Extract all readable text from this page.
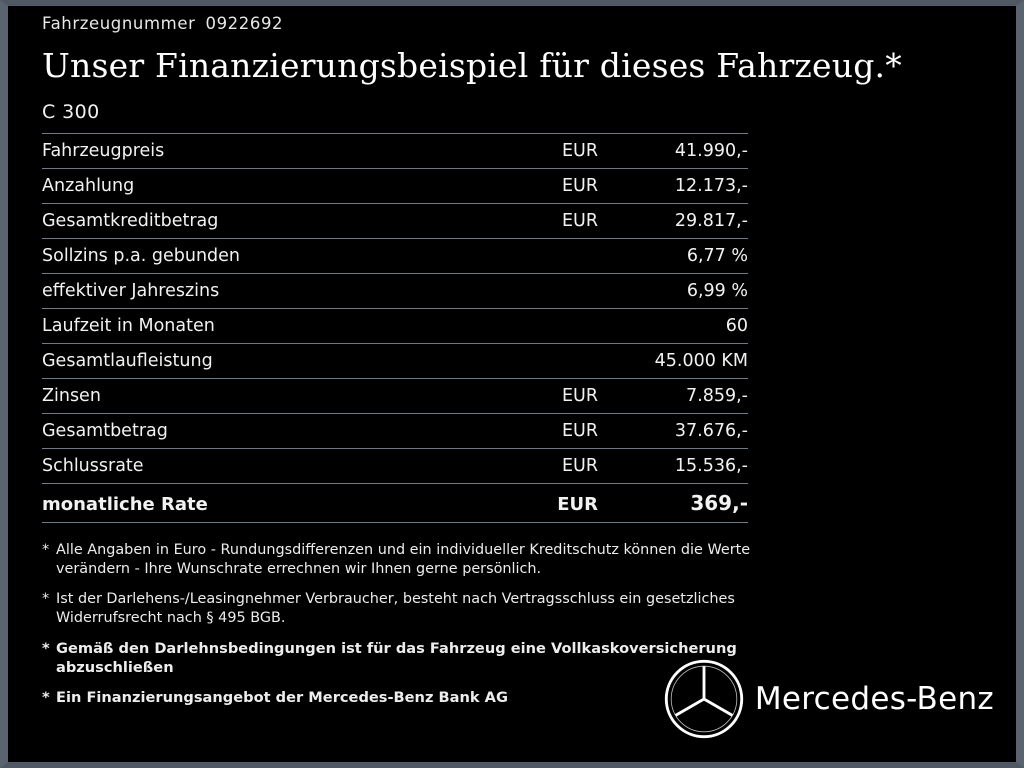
Fahrzeugnummer 0922692
Unser Finanzierungsbeispiel für dieses Fahrzeug.*
C 300
Fahrzeugpreis	EUR	41.990,-
Anzahlung	EUR	12.173,-
Gesamtkreditbetrag	EUR	29.817,-
Sollzins p.a. gebunden		6,77 %
effektiver Jahreszins		6,99 %
Laufzeit in Monaten		60
Gesamtlaufleistung		45.000 KM
Zinsen	EUR	7.859,-
Gesamtbetrag	EUR	37.676,-
Schlussrate	EUR	15.536,-
monatliche Rate	EUR	369,-
* Alle Angaben in Euro - Rundungsdifferenzen und ein individueller Kreditschutz können die Werte verändern - Ihre Wunschrate errechnen wir Ihnen gerne persönlich.
* Ist der Darlehens-/Leasingnehmer Verbraucher, besteht nach Vertragsschluss ein gesetzliches Widerrufsrecht nach § 495 BGB.
* Gemäß den Darlehnsbedingungen ist für das Fahrzeug eine Vollkaskoversicherung abzuschließen
* Ein Finanzierungsangebot der Mercedes-Benz Bank AG	Mercedes-Benz
